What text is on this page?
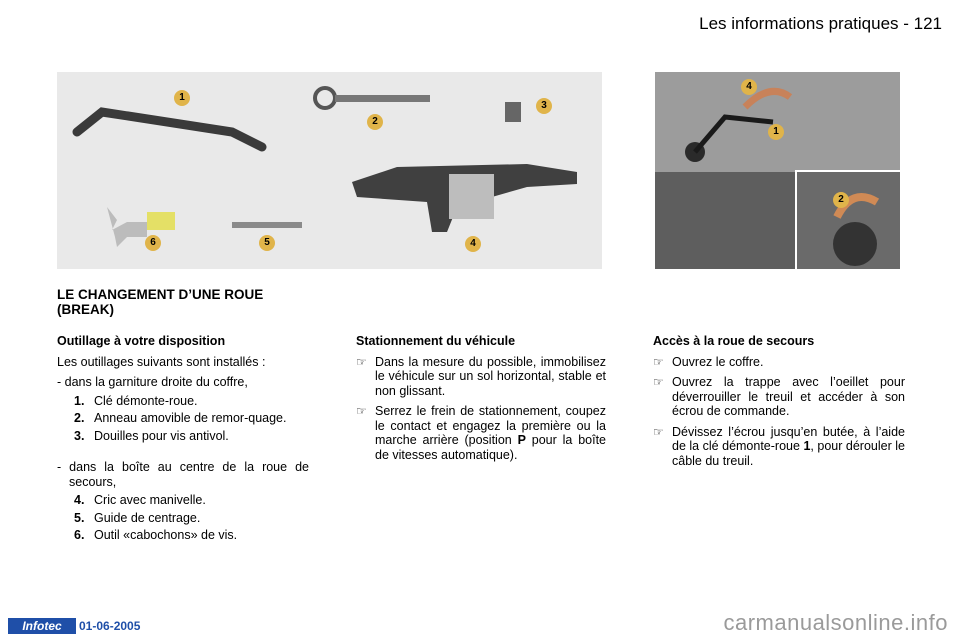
Les informations pratiques - 121
1
2
3
4
5
6
4
1
2
LE CHANGEMENT D’UNE ROUE (BREAK)
Outillage à votre disposition
Les outillages suivants sont installés :
- dans la garniture droite du coffre,
1. Clé démonte-roue.
2. Anneau amovible de remor-quage.
3. Douilles pour vis antivol.
- dans la boîte au centre de la roue de secours,
4. Cric avec manivelle.
5. Guide de centrage.
6. Outil «cabochons» de vis.
Stationnement du véhicule
☞ Dans la mesure du possible, immobilisez le véhicule sur un sol horizontal, stable et non glissant.
☞ Serrez le frein de stationnement, coupez le contact et engagez la première ou la marche arrière (position P pour la boîte de vitesses automatique).
Accès à la roue de secours
☞ Ouvrez le coffre.
☞ Ouvrez la trappe avec l’oeillet pour déverrouiller le treuil et accéder à son écrou de commande.
☞ Dévissez l’écrou jusqu’en butée, à l’aide de la clé démonte-roue 1, pour dérouler le câble du treuil.
Infotec	01-06-2005	carmanualsonline.info
